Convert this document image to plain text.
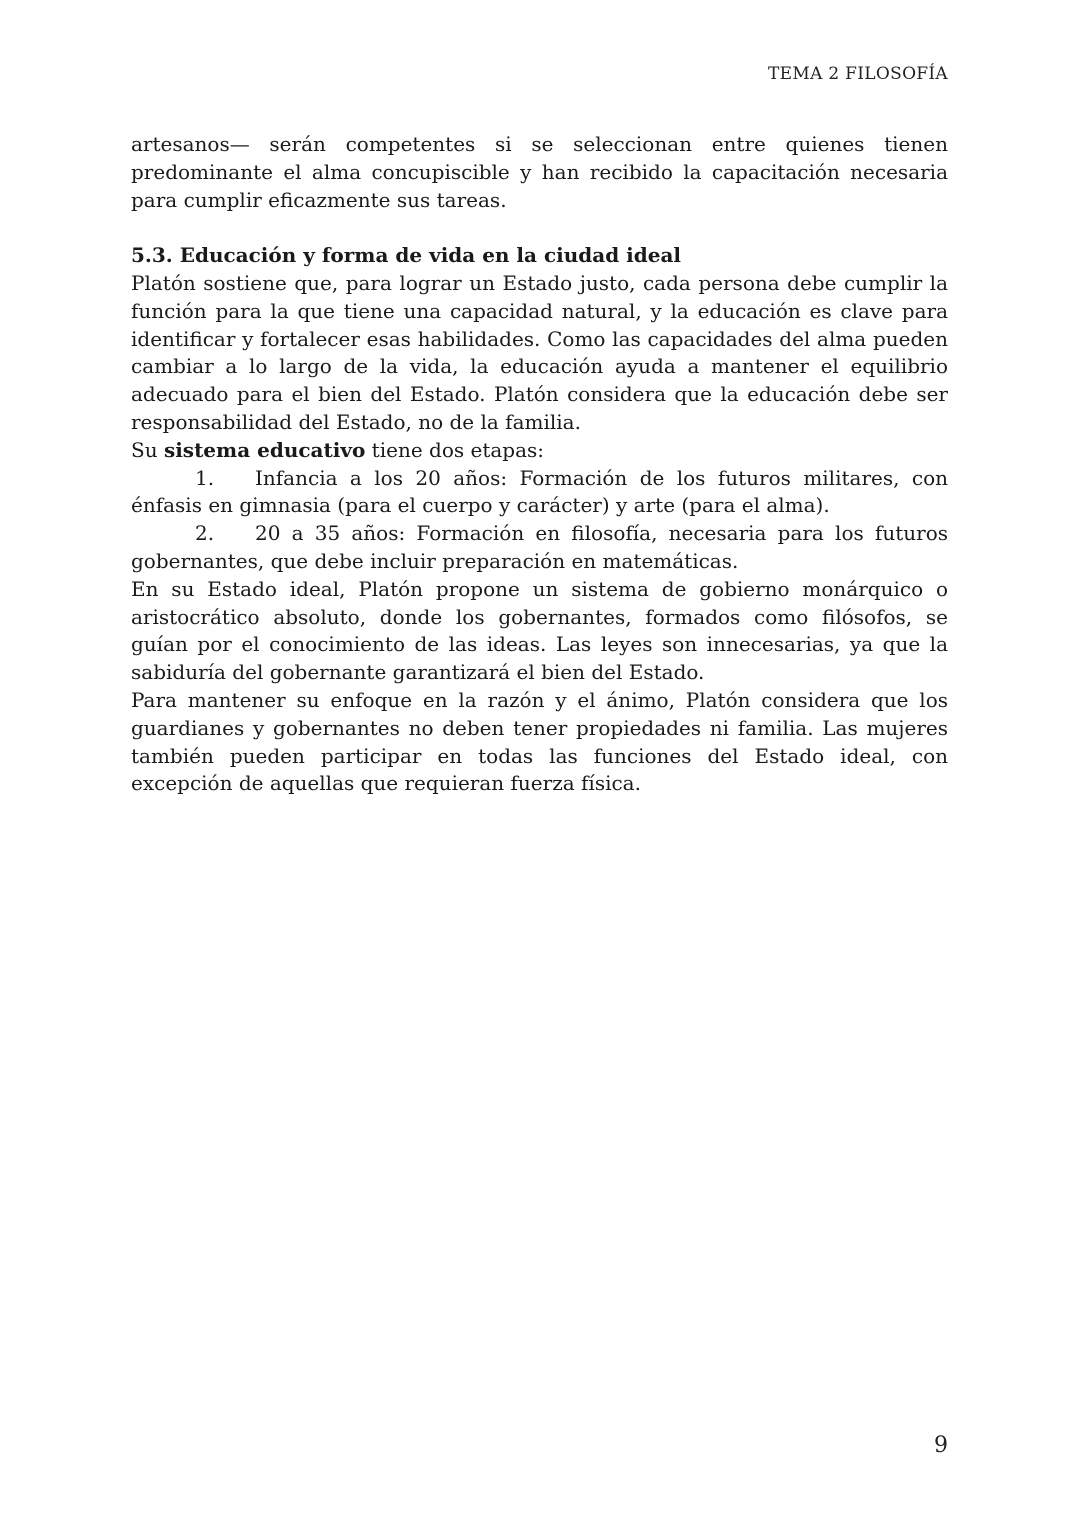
TEMA 2 FILOSOFÍA

artesanos— serán competentes si se seleccionan entre quienes tienen predominante el alma concupiscible y han recibido la capacitación necesaria para cumplir eficazmente sus tareas.

5.3. Educación y forma de vida en la ciudad ideal

Platón sostiene que, para lograr un Estado justo, cada persona debe cumplir la función para la que tiene una capacidad natural, y la educación es clave para identificar y fortalecer esas habilidades. Como las capacidades del alma pueden cambiar a lo largo de la vida, la educación ayuda a mantener el equilibrio adecuado para el bien del Estado. Platón considera que la educación debe ser responsabilidad del Estado, no de la familia.

Su sistema educativo tiene dos etapas:

1. Infancia a los 20 años: Formación de los futuros militares, con énfasis en gimnasia (para el cuerpo y carácter) y arte (para el alma).
2. 20 a 35 años: Formación en filosofía, necesaria para los futuros gobernantes, que debe incluir preparación en matemáticas.

En su Estado ideal, Platón propone un sistema de gobierno monárquico o aristocrático absoluto, donde los gobernantes, formados como filósofos, se guían por el conocimiento de las ideas. Las leyes son innecesarias, ya que la sabiduría del gobernante garantizará el bien del Estado.

Para mantener su enfoque en la razón y el ánimo, Platón considera que los guardianes y gobernantes no deben tener propiedades ni familia. Las mujeres también pueden participar en todas las funciones del Estado ideal, con excepción de aquellas que requieran fuerza física.

9
